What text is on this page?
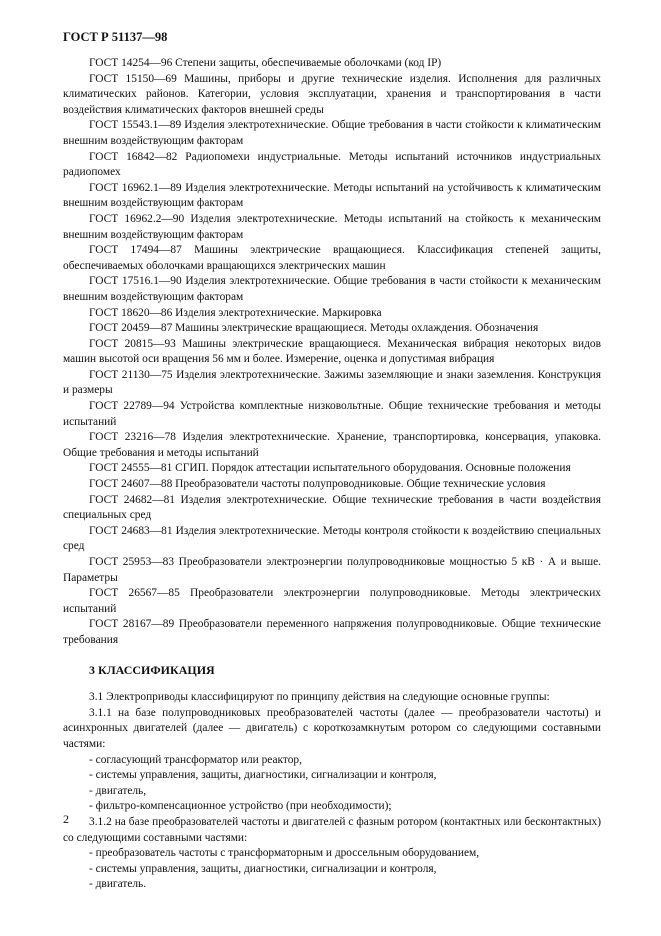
ГОСТ Р 51137—98

ГОСТ 14254—96 Степени защиты, обеспечиваемые оболочками (код IP)

ГОСТ 15150—69 Машины, приборы и другие технические изделия. Исполнения для различных климатических районов. Категории, условия эксплуатации, хранения и транспортирования в части воздействия климатических факторов внешней среды

ГОСТ 15543.1—89 Изделия электротехнические. Общие требования в части стойкости к климатическим внешним воздействующим факторам

ГОСТ 16842—82 Радиопомехи индустриальные. Методы испытаний источников индустриальных радиопомех

ГОСТ 16962.1—89 Изделия электротехнические. Методы испытаний на устойчивость к климатическим внешним воздействующим факторам

ГОСТ 16962.2—90 Изделия электротехнические. Методы испытаний на стойкость к механическим внешним воздействующим факторам

ГОСТ 17494—87 Машины электрические вращающиеся. Классификация степеней защиты, обеспечиваемых оболочками вращающихся электрических машин

ГОСТ 17516.1—90 Изделия электротехнические. Общие требования в части стойкости к механическим внешним воздействующим факторам

ГОСТ 18620—86 Изделия электротехнические. Маркировка

ГОСТ 20459—87 Машины электрические вращающиеся. Методы охлаждения. Обозначения

ГОСТ 20815—93 Машины электрические вращающиеся. Механическая вибрация некоторых видов машин высотой оси вращения 56 мм и более. Измерение, оценка и допустимая вибрация

ГОСТ 21130—75 Изделия электротехнические. Зажимы заземляющие и знаки заземления. Конструкция и размеры

ГОСТ 22789—94 Устройства комплектные низковольтные. Общие технические требования и методы испытаний

ГОСТ 23216—78 Изделия электротехнические. Хранение, транспортировка, консервация, упаковка. Общие требования и методы испытаний

ГОСТ 24555—81 СГИП. Порядок аттестации испытательного оборудования. Основные положения

ГОСТ 24607—88 Преобразователи частоты полупроводниковые. Общие технические условия

ГОСТ 24682—81 Изделия электротехнические. Общие технические требования в части воздействия специальных сред

ГОСТ 24683—81 Изделия электротехнические. Методы контроля стойкости к воздействию специальных сред

ГОСТ 25953—83 Преобразователи электроэнергии полупроводниковые мощностью 5 кВ · А и выше. Параметры

ГОСТ 26567—85 Преобразователи электроэнергии полупроводниковые. Методы электрических испытаний

ГОСТ 28167—89 Преобразователи переменного напряжения полупроводниковые. Общие технические требования

3 КЛАССИФИКАЦИЯ

3.1 Электроприводы классифицируют по принципу действия на следующие основные группы:

3.1.1 на базе полупроводниковых преобразователей частоты (далее — преобразователи частоты) и асинхронных двигателей (далее — двигатель) с короткозамкнутым ротором со следующими составными частями:

- согласующий трансформатор или реактор,

- системы управления, защиты, диагностики, сигнализации и контроля,

- двигатель,

- фильтро-компенсационное устройство (при необходимости);

3.1.2 на базе преобразователей частоты и двигателей с фазным ротором (контактных или бесконтактных) со следующими составными частями:

- преобразователь частоты с трансформаторным и дроссельным оборудованием,

- системы управления, защиты, диагностики, сигнализации и контроля,

- двигатель.

2
